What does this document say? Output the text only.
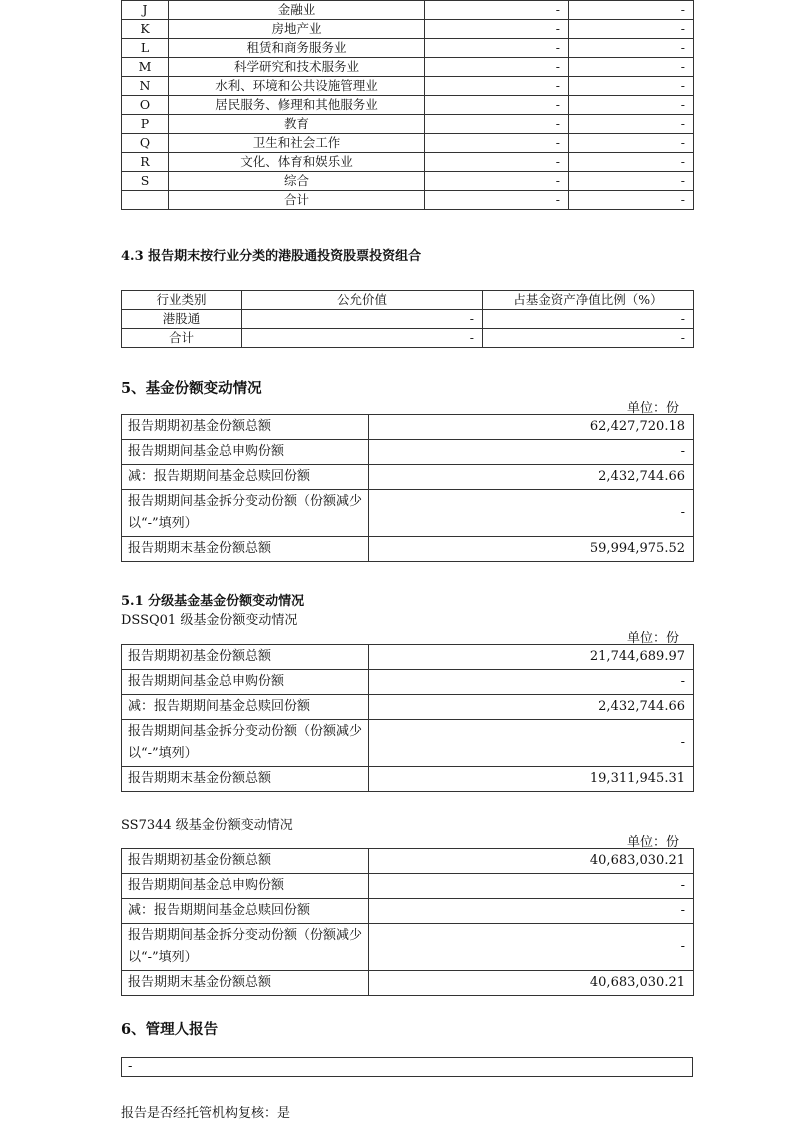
J	金融业	-	-
K	房地产业	-	-
L	租赁和商务服务业	-	-
M	科学研究和技术服务业	-	-
N	水利、环境和公共设施管理业	-	-
O	居民服务、修理和其他服务业	-	-
P	教育	-	-
Q	卫生和社会工作	-	-
R	文化、体育和娱乐业	-	-
S	综合	-	-
	合计	-	-
4.3 报告期末按行业分类的港股通投资股票投资组合
行业类别	公允价值	占基金资产净值比例（%）
港股通	-	-
合计	-	-
5、基金份额变动情况
单位：份
报告期期初基金份额总额	62,427,720.18
报告期期间基金总申购份额	-
减：报告期期间基金总赎回份额	2,432,744.66
报告期期间基金拆分变动份额（份额减少以“-”填列）	-
报告期期末基金份额总额	59,994,975.52
5.1 分级基金基金份额变动情况
DSSQ01 级基金份额变动情况
单位：份
报告期期初基金份额总额	21,744,689.97
报告期期间基金总申购份额	-
减：报告期期间基金总赎回份额	2,432,744.66
报告期期间基金拆分变动份额（份额减少以“-”填列）	-
报告期期末基金份额总额	19,311,945.31
SS7344 级基金份额变动情况
单位：份
报告期期初基金份额总额	40,683,030.21
报告期期间基金总申购份额	-
减：报告期期间基金总赎回份额	-
报告期期间基金拆分变动份额（份额减少以“-”填列）	-
报告期期末基金份额总额	40,683,030.21
6、管理人报告
-
报告是否经托管机构复核：是
